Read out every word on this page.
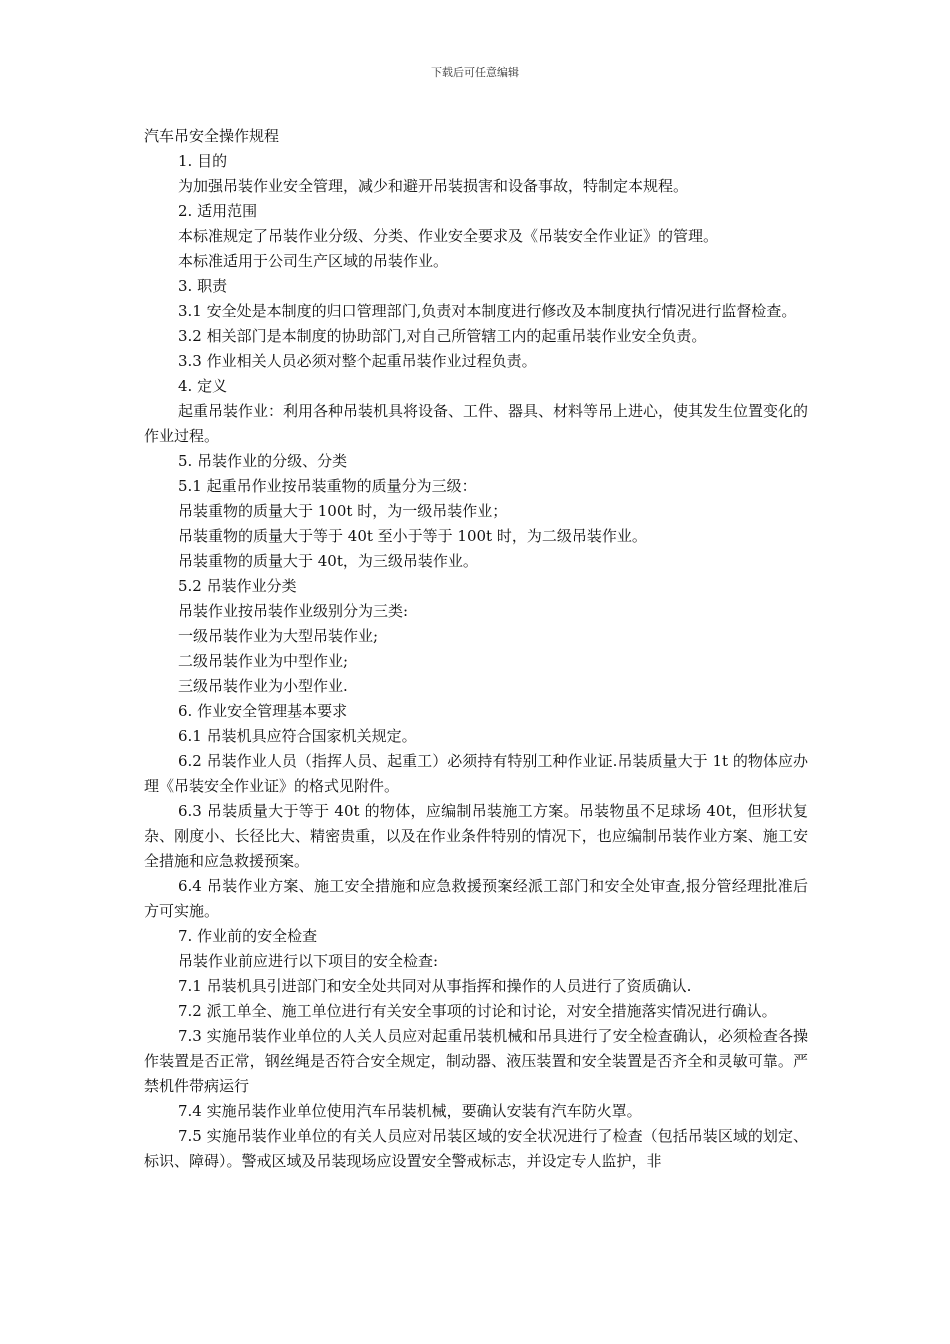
下载后可任意编辑

汽车吊安全操作规程

1. 目的

为加强吊装作业安全管理，减少和避开吊装损害和设备事故，特制定本规程。

2. 适用范围

本标准规定了吊装作业分级、分类、作业安全要求及《吊装安全作业证》的管理。

本标准适用于公司生产区域的吊装作业。

3. 职责

3.1 安全处是本制度的归口管理部门,负责对本制度进行修改及本制度执行情况进行监督检查。

3.2 相关部门是本制度的协助部门,对自己所管辖工内的起重吊装作业安全负责。

3.3 作业相关人员必须对整个起重吊装作业过程负责。

4. 定义

起重吊装作业：利用各种吊装机具将设备、工件、器具、材料等吊上进心，使其发生位置变化的作业过程。

5. 吊装作业的分级、分类

5.1 起重吊作业按吊装重物的质量分为三级：

吊装重物的质量大于 100t 时，为一级吊装作业；

吊装重物的质量大于等于 40t 至小于等于 100t 时，为二级吊装作业。

吊装重物的质量大于 40t，为三级吊装作业。

5.2 吊装作业分类

吊装作业按吊装作业级别分为三类:

一级吊装作业为大型吊装作业;

二级吊装作业为中型作业;

三级吊装作业为小型作业.

6. 作业安全管理基本要求

6.1 吊装机具应符合国家机关规定。

6.2 吊装作业人员（指挥人员、起重工）必须持有特别工种作业证.吊装质量大于 1t 的物体应办理《吊装安全作业证》的格式见附件。

6.3 吊装质量大于等于 40t 的物体，应编制吊装施工方案。吊装物虽不足球场 40t，但形状复杂、刚度小、长径比大、精密贵重，以及在作业条件特别的情况下，也应编制吊装作业方案、施工安全措施和应急救援预案。

6.4 吊装作业方案、施工安全措施和应急救援预案经派工部门和安全处审查,报分管经理批准后方可实施。

7. 作业前的安全检查

吊装作业前应进行以下项目的安全检查:

7.1 吊装机具引进部门和安全处共同对从事指挥和操作的人员进行了资质确认.

7.2 派工单全、施工单位进行有关安全事项的讨论和讨论，对安全措施落实情况进行确认。

7.3 实施吊装作业单位的人关人员应对起重吊装机械和吊具进行了安全检查确认，必须检查各操作装置是否正常，钢丝绳是否符合安全规定，制动器、液压装置和安全装置是否齐全和灵敏可靠。严禁机件带病运行

7.4 实施吊装作业单位使用汽车吊装机械，要确认安装有汽车防火罩。

7.5 实施吊装作业单位的有关人员应对吊装区域的安全状况进行了检查（包括吊装区域的划定、标识、障碍）。警戒区域及吊装现场应设置安全警戒标志，并设定专人监护，非
